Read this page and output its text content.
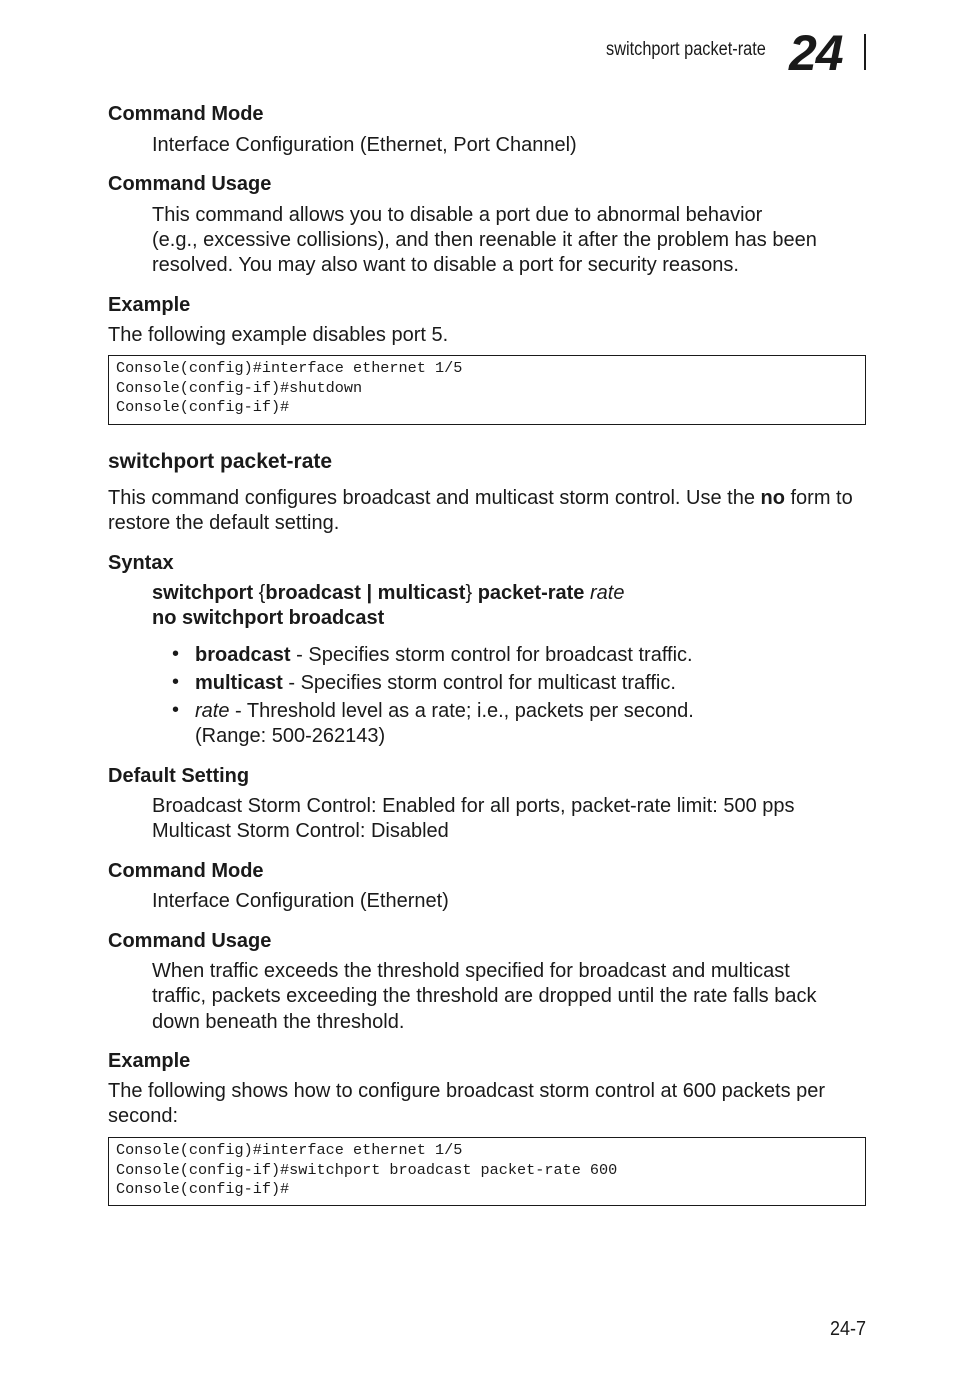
switchport packet-rate 24
Command Mode
Interface Configuration (Ethernet, Port Channel)
Command Usage
This command allows you to disable a port due to abnormal behavior
(e.g., excessive collisions), and then reenable it after the problem has been
resolved. You may also want to disable a port for security reasons.
Example
The following example disables port 5.
Console(config)#interface ethernet 1/5
Console(config-if)#shutdown
Console(config-if)#
switchport packet-rate
This command configures broadcast and multicast storm control. Use the no form to
restore the default setting.
Syntax
switchport {broadcast | multicast} packet-rate rate
no switchport broadcast
• broadcast - Specifies storm control for broadcast traffic.
• multicast - Specifies storm control for multicast traffic.
• rate - Threshold level as a rate; i.e., packets per second.
(Range: 500-262143)
Default Setting
Broadcast Storm Control: Enabled for all ports, packet-rate limit: 500 pps
Multicast Storm Control: Disabled
Command Mode
Interface Configuration (Ethernet)
Command Usage
When traffic exceeds the threshold specified for broadcast and multicast
traffic, packets exceeding the threshold are dropped until the rate falls back
down beneath the threshold.
Example
The following shows how to configure broadcast storm control at 600 packets per
second:
Console(config)#interface ethernet 1/5
Console(config-if)#switchport broadcast packet-rate 600
Console(config-if)#
24-7
